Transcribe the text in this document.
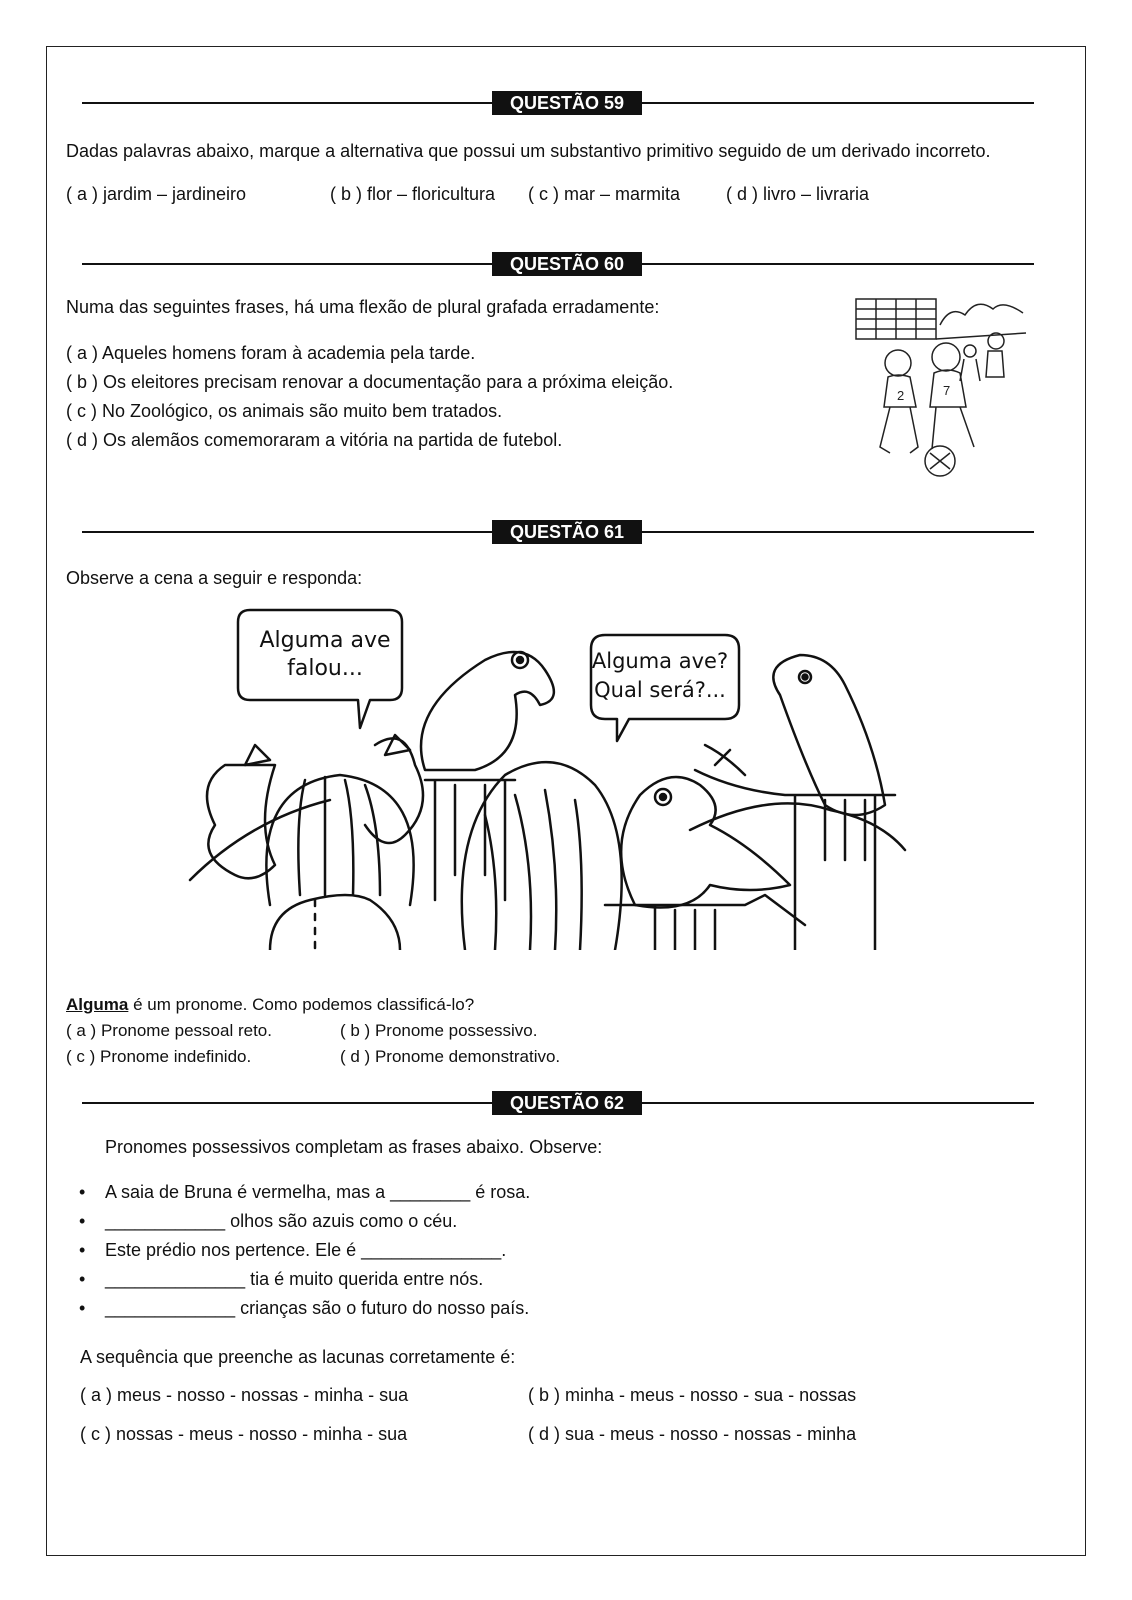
QUESTÃO 59
Dadas palavras abaixo, marque a alternativa que possui um substantivo primitivo seguido de um derivado incorreto.
( a ) jardim – jardineiro	( b ) flor – floricultura ( c ) mar – marmita	( d ) livro – livraria
QUESTÃO 60
Numa das seguintes frases, há uma flexão de plural grafada erradamente:
( a ) Aqueles homens foram à academia pela tarde.
( b ) Os eleitores precisam renovar a documentação para a próxima eleição.
( c ) No Zoológico, os animais são muito bem tratados.
( d ) Os alemãos comemoraram a vitória na partida de futebol.
2	7
QUESTÃO 61
Observe a cena a seguir e responda:
Alguma ave
falou...	Alguma ave?
Qual será?...
Alguma é um pronome. Como podemos classificá-lo?
( a ) Pronome pessoal reto.	( b ) Pronome possessivo.
( c ) Pronome indefinido.	( d ) Pronome demonstrativo.
QUESTÃO 62
Pronomes possessivos completam as frases abaixo. Observe:
• A saia de Bruna é vermelha, mas a ________ é rosa.
• ____________ olhos são azuis como o céu.
• Este prédio nos pertence. Ele é ______________.
• ______________ tia é muito querida entre nós.
• _____________ crianças são o futuro do nosso país.
A sequência que preenche as lacunas corretamente é:
( a ) meus - nosso - nossas - minha - sua	( b ) minha - meus - nosso - sua - nossas
( c ) nossas - meus - nosso - minha - sua	( d ) sua - meus - nosso - nossas - minha
